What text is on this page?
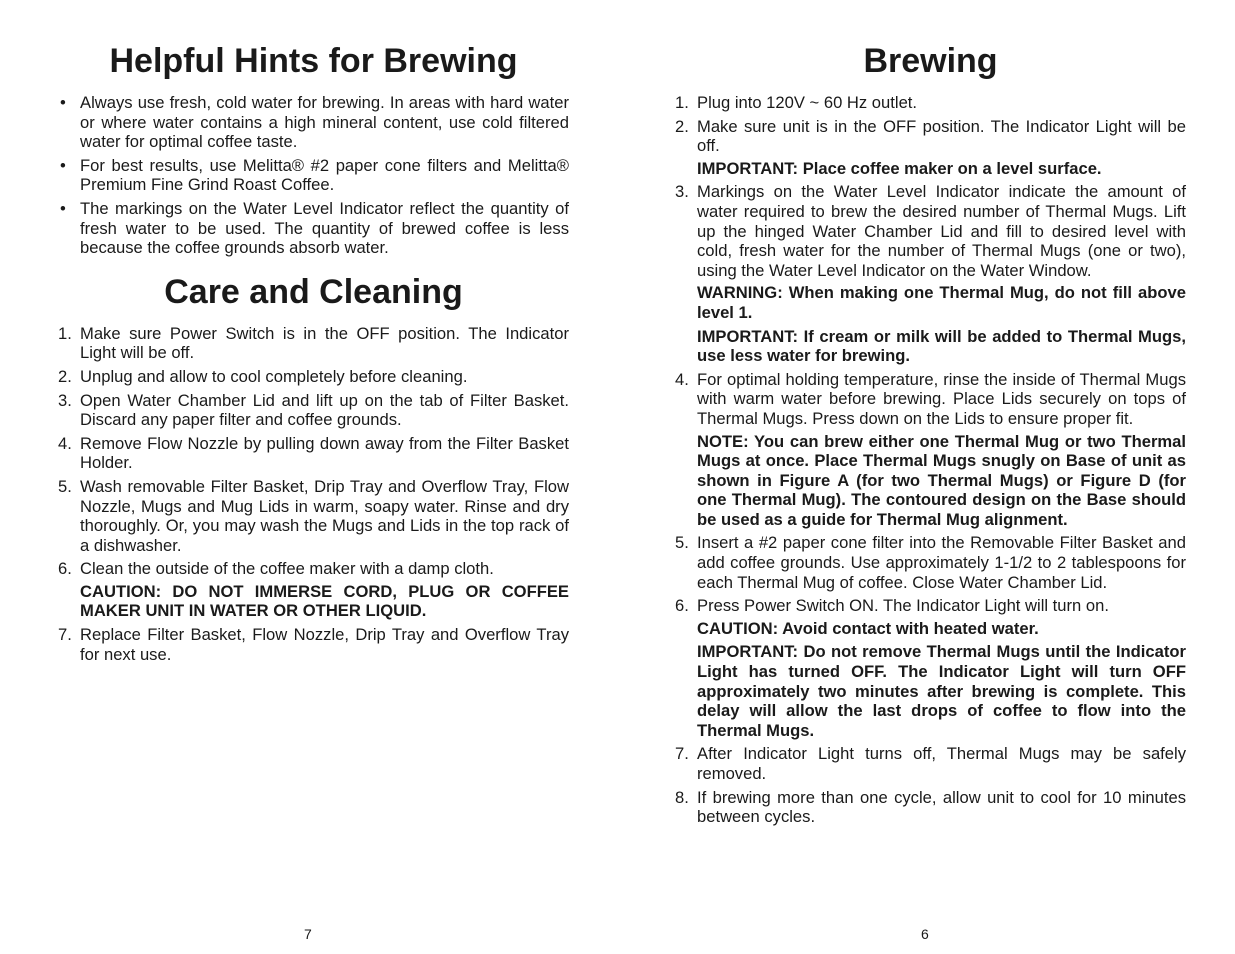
Helpful Hints for Brewing
• Always use fresh, cold water for brewing. In areas with hard water or where water contains a high mineral content, use cold filtered water for optimal coffee taste.
• For best results, use Melitta® #2 paper cone filters and Melitta® Premium Fine Grind Roast Coffee.
• The markings on the Water Level Indicator reflect the quantity of fresh water to be used. The quantity of brewed coffee is less because the coffee grounds absorb water.
Care and Cleaning
1. Make sure Power Switch is in the OFF position. The Indicator Light will be off.
2. Unplug and allow to cool completely before cleaning.
3. Open Water Chamber Lid and lift up on the tab of Filter Basket. Discard any paper filter and coffee grounds.
4. Remove Flow Nozzle by pulling down away from the Filter Basket Holder.
5. Wash removable Filter Basket, Drip Tray and Overflow Tray, Flow Nozzle, Mugs and Mug Lids in warm, soapy water. Rinse and dry thoroughly. Or, you may wash the Mugs and Lids in the top rack of a dishwasher.
6. Clean the outside of the coffee maker with a damp cloth.
CAUTION: DO NOT IMMERSE CORD, PLUG OR COFFEE MAKER UNIT IN WATER OR OTHER LIQUID.
7. Replace Filter Basket, Flow Nozzle, Drip Tray and Overflow Tray for next use.
7
Brewing
1. Plug into 120V ~ 60 Hz outlet.
2. Make sure unit is in the OFF position. The Indicator Light will be off.
IMPORTANT: Place coffee maker on a level surface.
3. Markings on the Water Level Indicator indicate the amount of water required to brew the desired number of Thermal Mugs. Lift up the hinged Water Chamber Lid and fill to desired level with cold, fresh water for the number of Thermal Mugs (one or two), using the Water Level Indicator on the Water Window.
WARNING: When making one Thermal Mug, do not fill above level 1.
IMPORTANT: If cream or milk will be added to Thermal Mugs, use less water for brewing.
4. For optimal holding temperature, rinse the inside of Thermal Mugs with warm water before brewing. Place Lids securely on tops of Thermal Mugs. Press down on the Lids to ensure proper fit.
NOTE: You can brew either one Thermal Mug or two Thermal Mugs at once. Place Thermal Mugs snugly on Base of unit as shown in Figure A (for two Thermal Mugs) or Figure D (for one Thermal Mug). The contoured design on the Base should be used as a guide for Thermal Mug alignment.
5. Insert a #2 paper cone filter into the Removable Filter Basket and add coffee grounds. Use approximately 1-1/2 to 2 tablespoons for each Thermal Mug of coffee. Close Water Chamber Lid.
6. Press Power Switch ON. The Indicator Light will turn on.
CAUTION: Avoid contact with heated water.
IMPORTANT: Do not remove Thermal Mugs until the Indicator Light has turned OFF. The Indicator Light will turn OFF approximately two minutes after brewing is complete. This delay will allow the last drops of coffee to flow into the Thermal Mugs.
7. After Indicator Light turns off, Thermal Mugs may be safely removed.
8. If brewing more than one cycle, allow unit to cool for 10 minutes between cycles.
6
